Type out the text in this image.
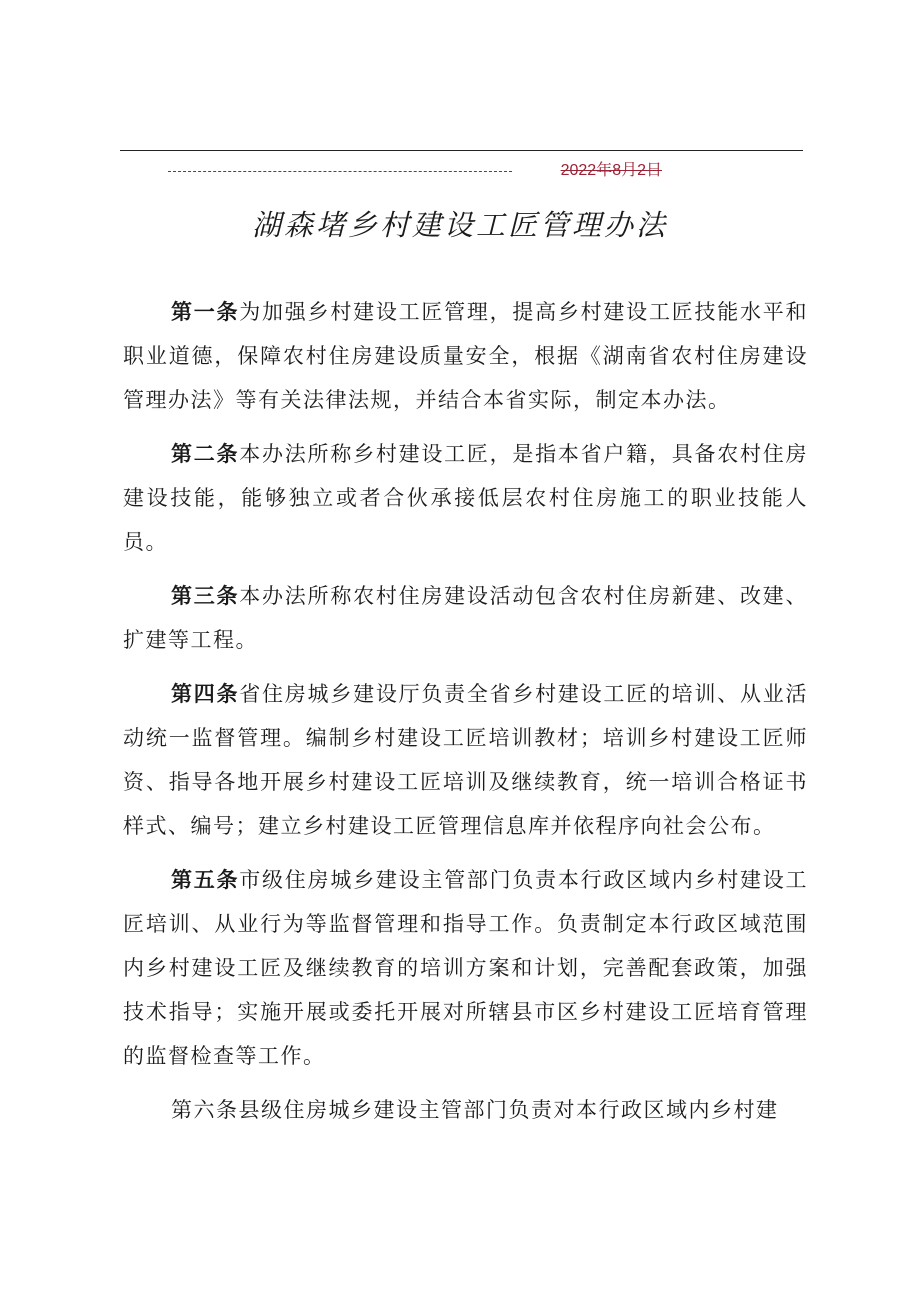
2022年8月2日
湖森堵乡村建设工匠管理办法

第一条为加强乡村建设工匠管理，提高乡村建设工匠技能水平和职业道德，保障农村住房建设质量安全，根据《湖南省农村住房建设管理办法》等有关法律法规，并结合本省实际，制定本办法。

第二条本办法所称乡村建设工匠，是指本省户籍，具备农村住房建设技能，能够独立或者合伙承接低层农村住房施工的职业技能人员。

第三条本办法所称农村住房建设活动包含农村住房新建、改建、扩建等工程。

第四条省住房城乡建设厅负责全省乡村建设工匠的培训、从业活动统一监督管理。编制乡村建设工匠培训教材；培训乡村建设工匠师资、指导各地开展乡村建设工匠培训及继续教育，统一培训合格证书样式、编号；建立乡村建设工匠管理信息库并依程序向社会公布。

第五条市级住房城乡建设主管部门负责本行政区域内乡村建设工匠培训、从业行为等监督管理和指导工作。负责制定本行政区域范围内乡村建设工匠及继续教育的培训方案和计划，完善配套政策，加强技术指导；实施开展或委托开展对所辖县市区乡村建设工匠培育管理的监督检查等工作。

第六条县级住房城乡建设主管部门负责对本行政区域内乡村建
